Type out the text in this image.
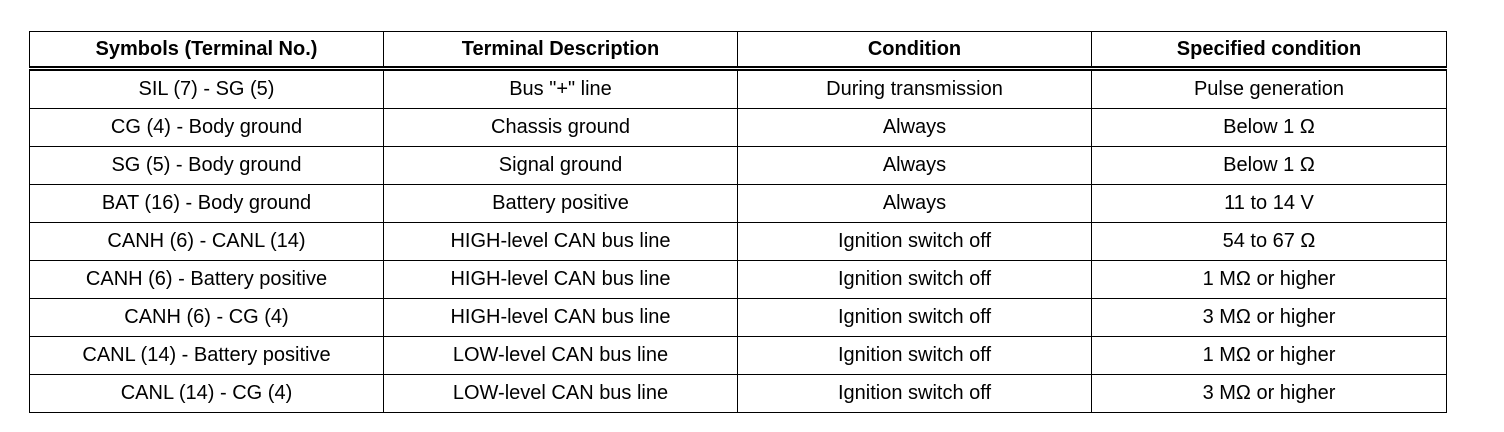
Symbols (Terminal No.)	Terminal Description	Condition	Specified condition
SIL (7) - SG (5)	Bus "+" line	During transmission	Pulse generation
CG (4) - Body ground	Chassis ground	Always	Below 1 Ω
SG (5) - Body ground	Signal ground	Always	Below 1 Ω
BAT (16) - Body ground	Battery positive	Always	11 to 14 V
CANH (6) - CANL (14)	HIGH-level CAN bus line	Ignition switch off	54 to 67 Ω
CANH (6) - Battery positive	HIGH-level CAN bus line	Ignition switch off	1 MΩ or higher
CANH (6) - CG (4)	HIGH-level CAN bus line	Ignition switch off	3 MΩ or higher
CANL (14) - Battery positive	LOW-level CAN bus line	Ignition switch off	1 MΩ or higher
CANL (14) - CG (4)	LOW-level CAN bus line	Ignition switch off	3 MΩ or higher
